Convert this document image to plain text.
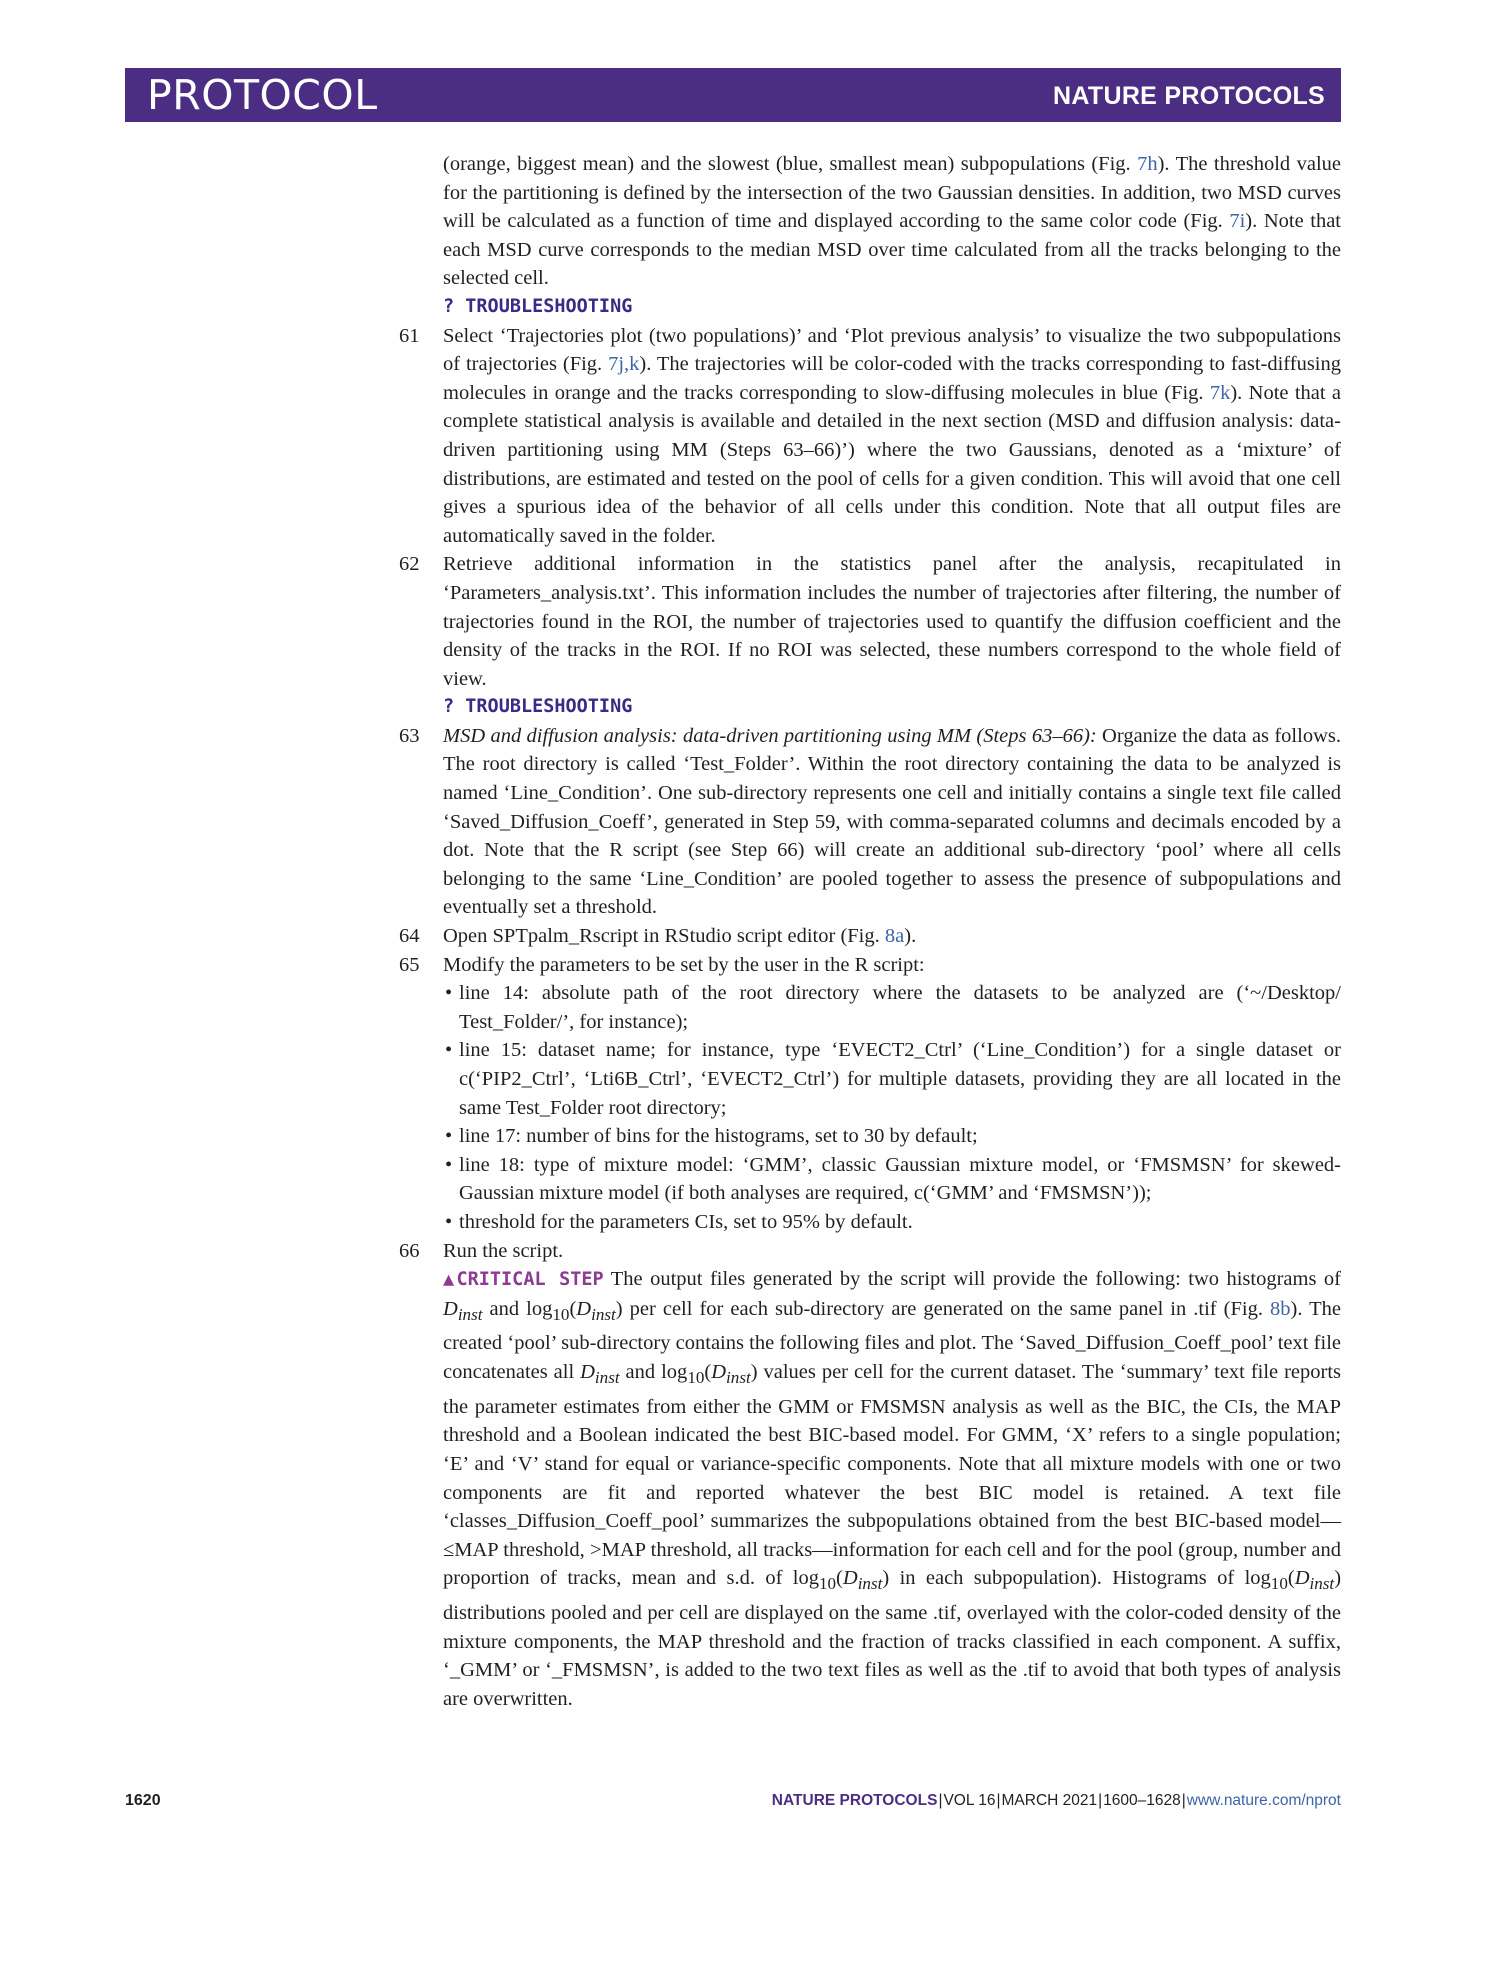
PROTOCOL	NATURE PROTOCOLS

(orange, biggest mean) and the slowest (blue, smallest mean) subpopulations (Fig. 7h). The threshold value for the partitioning is defined by the intersection of the two Gaussian densities. In addition, two MSD curves will be calculated as a function of time and displayed according to the same color code (Fig. 7i). Note that each MSD curve corresponds to the median MSD over time calculated from all the tracks belonging to the selected cell.

? TROUBLESHOOTING
61 Select ‘Trajectories plot (two populations)’ and ‘Plot previous analysis’ to visualize the two subpopulations of trajectories (Fig. 7j,k). The trajectories will be color-coded with the tracks corresponding to fast-diffusing molecules in orange and the tracks corresponding to slow-diffusing molecules in blue (Fig. 7k). Note that a complete statistical analysis is available and detailed in the next section (MSD and diffusion analysis: data-driven partitioning using MM (Steps 63–66)’) where the two Gaussians, denoted as a ‘mixture’ of distributions, are estimated and tested on the pool of cells for a given condition. This will avoid that one cell gives a spurious idea of the behavior of all cells under this condition. Note that all output files are automatically saved in the folder.

62 Retrieve additional information in the statistics panel after the analysis, recapitulated in ‘Parameters_analysis.txt’. This information includes the number of trajectories after filtering, the number of trajectories found in the ROI, the number of trajectories used to quantify the diffusion coefficient and the density of the tracks in the ROI. If no ROI was selected, these numbers correspond to the whole field of view.

? TROUBLESHOOTING
63 MSD and diffusion analysis: data-driven partitioning using MM (Steps 63–66): Organize the data as follows. The root directory is called ‘Test_Folder’. Within the root directory containing the data to be analyzed is named ‘Line_Condition’. One sub-directory represents one cell and initially contains a single text file called ‘Saved_Diffusion_Coeff’, generated in Step 59, with comma-separated columns and decimals encoded by a dot. Note that the R script (see Step 66) will create an additional sub-directory ‘pool’ where all cells belonging to the same ‘Line_Condition’ are pooled together to assess the presence of subpopulations and eventually set a threshold.

64 Open SPTpalm_Rscript in RStudio script editor (Fig. 8a).

65 Modify the parameters to be set by the user in the R script:

• line 14: absolute path of the root directory where the datasets to be analyzed are (‘~/Desktop/ Test_Folder/’, for instance);
• line 15: dataset name; for instance, type ‘EVECT2_Ctrl’ (‘Line_Condition’) for a single dataset or c(‘PIP2_Ctrl’, ‘Lti6B_Ctrl’, ‘EVECT2_Ctrl’) for multiple datasets, providing they are all located in the same Test_Folder root directory;
• line 17: number of bins for the histograms, set to 30 by default;
• line 18: type of mixture model: ‘GMM’, classic Gaussian mixture model, or ‘FMSMSN’ for skewed-Gaussian mixture model (if both analyses are required, c(‘GMM’ and ‘FMSMSN’));
• threshold for the parameters CIs, set to 95% by default.
66 Run the script.

▲CRITICAL STEP The output files generated by the script will provide the following: two histograms of $D_{inst}$ and $\log_{10}(D_{inst})$ per cell for each sub-directory are generated on the same panel in .tif (Fig. 8b). The created ‘pool’ sub-directory contains the following files and plot. The ‘Saved_Diffusion_Coeff_pool’ text file concatenates all $D_{inst}$ and $\log_{10}(D_{inst})$ values per cell for the current dataset. The ‘summary’ text file reports the parameter estimates from either the GMM or FMSMSN analysis as well as the BIC, the CIs, the MAP threshold and a Boolean indicated the best BIC-based model. For GMM, ‘X’ refers to a single population; ‘E’ and ‘V’ stand for equal or variance-specific components. Note that all mixture models with one or two components are fit and reported whatever the best BIC model is retained. A text file ‘classes_Diffusion_Coeff_pool’ summarizes the subpopulations obtained from the best BIC-based model—≤MAP threshold, >MAP threshold, all tracks—information for each cell and for the pool (group, number and proportion of tracks, mean and s.d. of $\log_{10}(D_{inst})$ in each subpopulation). Histograms of $\log_{10}(D_{inst})$ distributions pooled and per cell are displayed on the same .tif, overlayed with the color-coded density of the mixture components, the MAP threshold and the fraction of tracks classified in each component. A suffix, ‘_GMM’ or ‘_FMSMSN’, is added to the two text files as well as the .tif to avoid that both types of analysis are overwritten.

1620	NATURE PROTOCOLS|VOL 16|MARCH 2021|1600–1628|www.nature.com/nprot
